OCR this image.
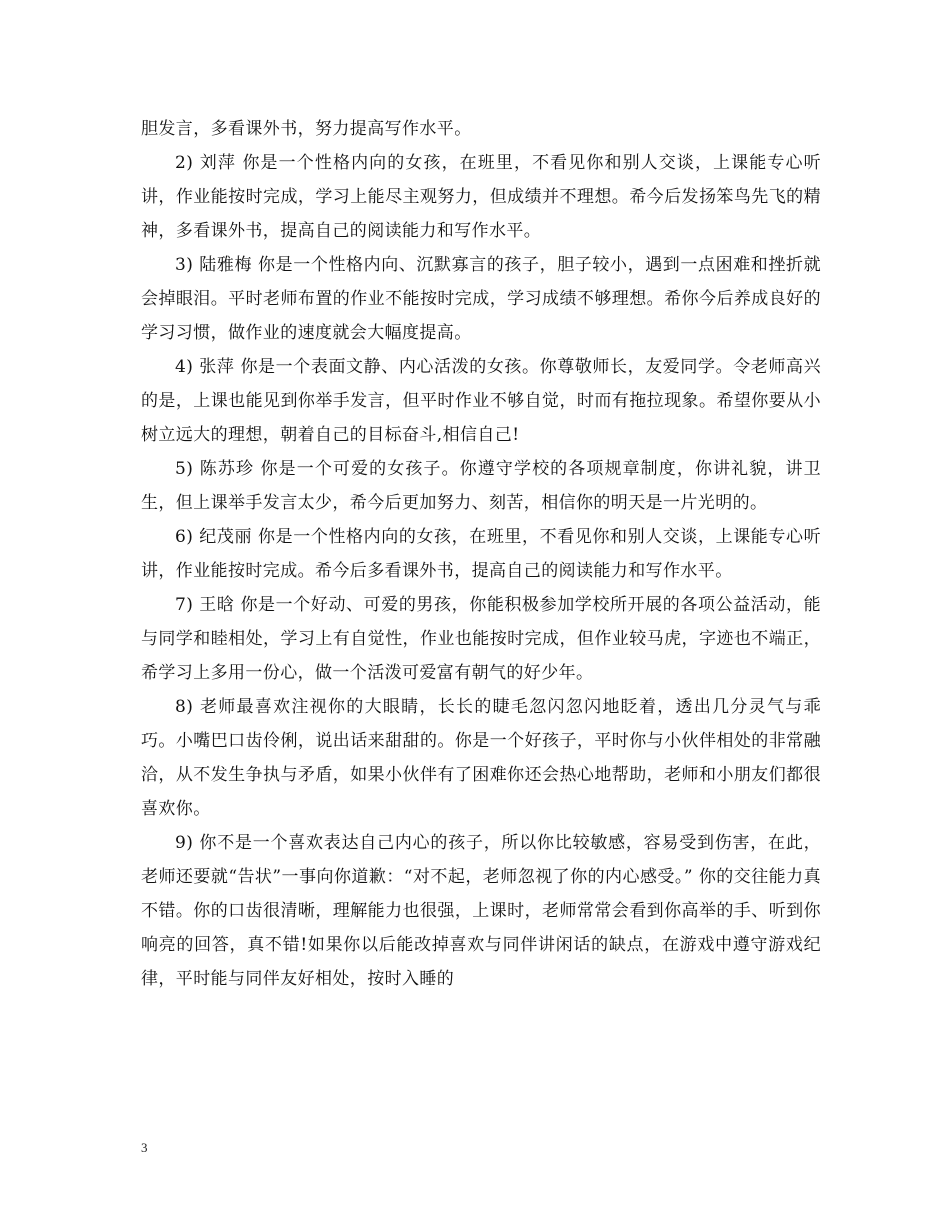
胆发言，多看课外书，努力提高写作水平。

2) 刘萍 你是一个性格内向的女孩，在班里，不看见你和别人交谈，上课能专心听讲，作业能按时完成，学习上能尽主观努力，但成绩并不理想。希今后发扬笨鸟先飞的精神，多看课外书，提高自己的阅读能力和写作水平。

3) 陆雅梅 你是一个性格内向、沉默寡言的孩子，胆子较小，遇到一点困难和挫折就会掉眼泪。平时老师布置的作业不能按时完成，学习成绩不够理想。希你今后养成良好的学习习惯，做作业的速度就会大幅度提高。

4) 张萍 你是一个表面文静、内心活泼的女孩。你尊敬师长，友爱同学。令老师高兴的是，上课也能见到你举手发言，但平时作业不够自觉，时而有拖拉现象。希望你要从小树立远大的理想，朝着自己的目标奋斗,相信自己!

5) 陈苏珍 你是一个可爱的女孩子。你遵守学校的各项规章制度，你讲礼貌，讲卫生，但上课举手发言太少，希今后更加努力、刻苦，相信你的明天是一片光明的。

6) 纪茂丽 你是一个性格内向的女孩，在班里，不看见你和别人交谈，上课能专心听讲，作业能按时完成。希今后多看课外书，提高自己的阅读能力和写作水平。

7) 王晗 你是一个好动、可爱的男孩，你能积极参加学校所开展的各项公益活动，能与同学和睦相处，学习上有自觉性，作业也能按时完成，但作业较马虎，字迹也不端正，希学习上多用一份心，做一个活泼可爱富有朝气的好少年。

8) 老师最喜欢注视你的大眼睛，长长的睫毛忽闪忽闪地眨着，透出几分灵气与乖巧。小嘴巴口齿伶俐，说出话来甜甜的。你是一个好孩子，平时你与小伙伴相处的非常融洽，从不发生争执与矛盾，如果小伙伴有了困难你还会热心地帮助，老师和小朋友们都很喜欢你。

9) 你不是一个喜欢表达自己内心的孩子，所以你比较敏感，容易受到伤害，在此，老师还要就“告状”一事向你道歉：“对不起，老师忽视了你的内心感受。” 你的交往能力真不错。你的口齿很清晰，理解能力也很强，上课时，老师常常会看到你高举的手、听到你响亮的回答，真不错!如果你以后能改掉喜欢与同伴讲闲话的缺点，在游戏中遵守游戏纪律，平时能与同伴友好相处，按时入睡的

3
